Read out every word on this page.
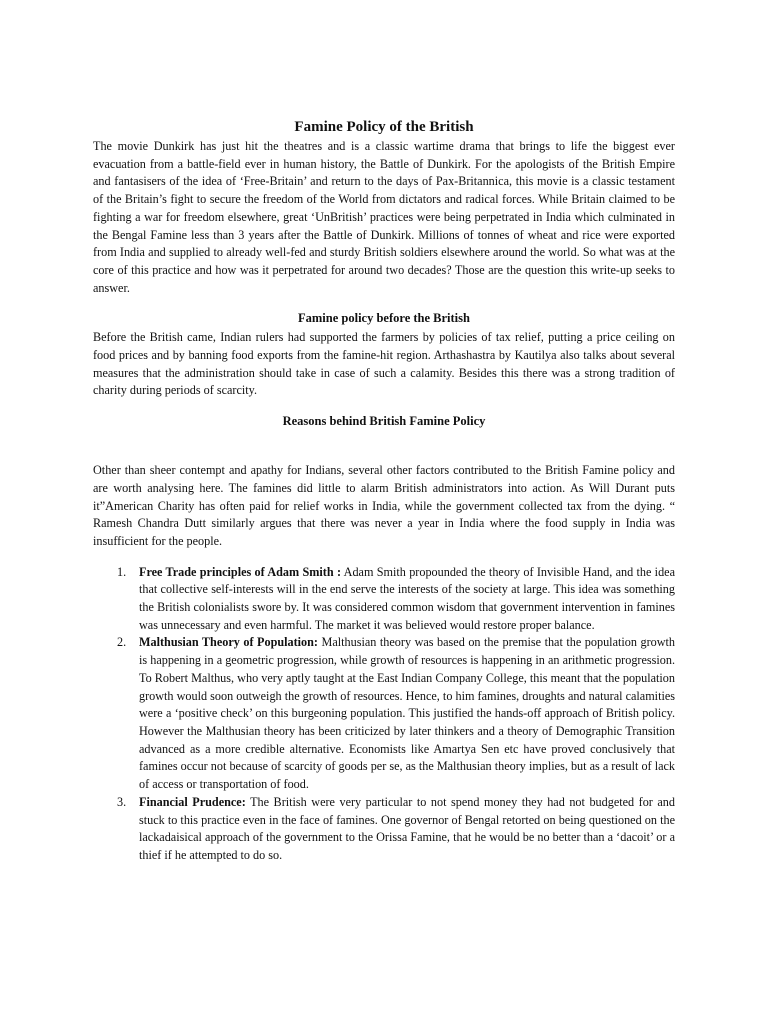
Famine Policy of the British

The movie Dunkirk has just hit the theatres and is a classic wartime drama that brings to life the biggest ever evacuation from a battle-field ever in human history, the Battle of Dunkirk. For the apologists of the British Empire and fantasisers of the idea of ‘Free-Britain’ and return to the days of Pax-Britannica, this movie is a classic testament of the Britain’s fight to secure the freedom of the World from dictators and radical forces. While Britain claimed to be fighting a war for freedom elsewhere, great ‘UnBritish’ practices were being perpetrated in India which culminated in the Bengal Famine less than 3 years after the Battle of Dunkirk. Millions of tonnes of wheat and rice were exported from India and supplied to already well-fed and sturdy British soldiers elsewhere around the world. So what was at the core of this practice and how was it perpetrated for around two decades? Those are the question this write-up seeks to answer.

Famine policy before the British

Before the British came, Indian rulers had supported the farmers by policies of tax relief, putting a price ceiling on food prices and by banning food exports from the famine-hit region. Arthashastra by Kautilya also talks about several measures that the administration should take in case of such a calamity. Besides this there was a strong tradition of charity during periods of scarcity.

Reasons behind British Famine Policy

Other than sheer contempt and apathy for Indians, several other factors contributed to the British Famine policy and are worth analysing here. The famines did little to alarm British administrators into action. As Will Durant puts it”American Charity has often paid for relief works in India, while the government collected tax from the dying. “ Ramesh Chandra Dutt similarly argues that there was never a year in India where the food supply in India was insufficient for the people.

1. Free Trade principles of Adam Smith : Adam Smith propounded the theory of Invisible Hand, and the idea that collective self-interests will in the end serve the interests of the society at large. This idea was something the British colonialists swore by. It was considered common wisdom that government intervention in famines was unnecessary and even harmful. The market it was believed would restore proper balance.
2. Malthusian Theory of Population: Malthusian theory was based on the premise that the population growth is happening in a geometric progression, while growth of resources is happening in an arithmetic progression. To Robert Malthus, who very aptly taught at the East Indian Company College, this meant that the population growth would soon outweigh the growth of resources. Hence, to him famines, droughts and natural calamities were a ‘positive check’ on this burgeoning population. This justified the hands-off approach of British policy. However the Malthusian theory has been criticized by later thinkers and a theory of Demographic Transition advanced as a more credible alternative. Economists like Amartya Sen etc have proved conclusively that famines occur not because of scarcity of goods per se, as the Malthusian theory implies, but as a result of lack of access or transportation of food.
3. Financial Prudence: The British were very particular to not spend money they had not budgeted for and stuck to this practice even in the face of famines. One governor of Bengal retorted on being questioned on the lackadaisical approach of the government to the Orissa Famine, that he would be no better than a ‘dacoit’ or a thief if he attempted to do so.
